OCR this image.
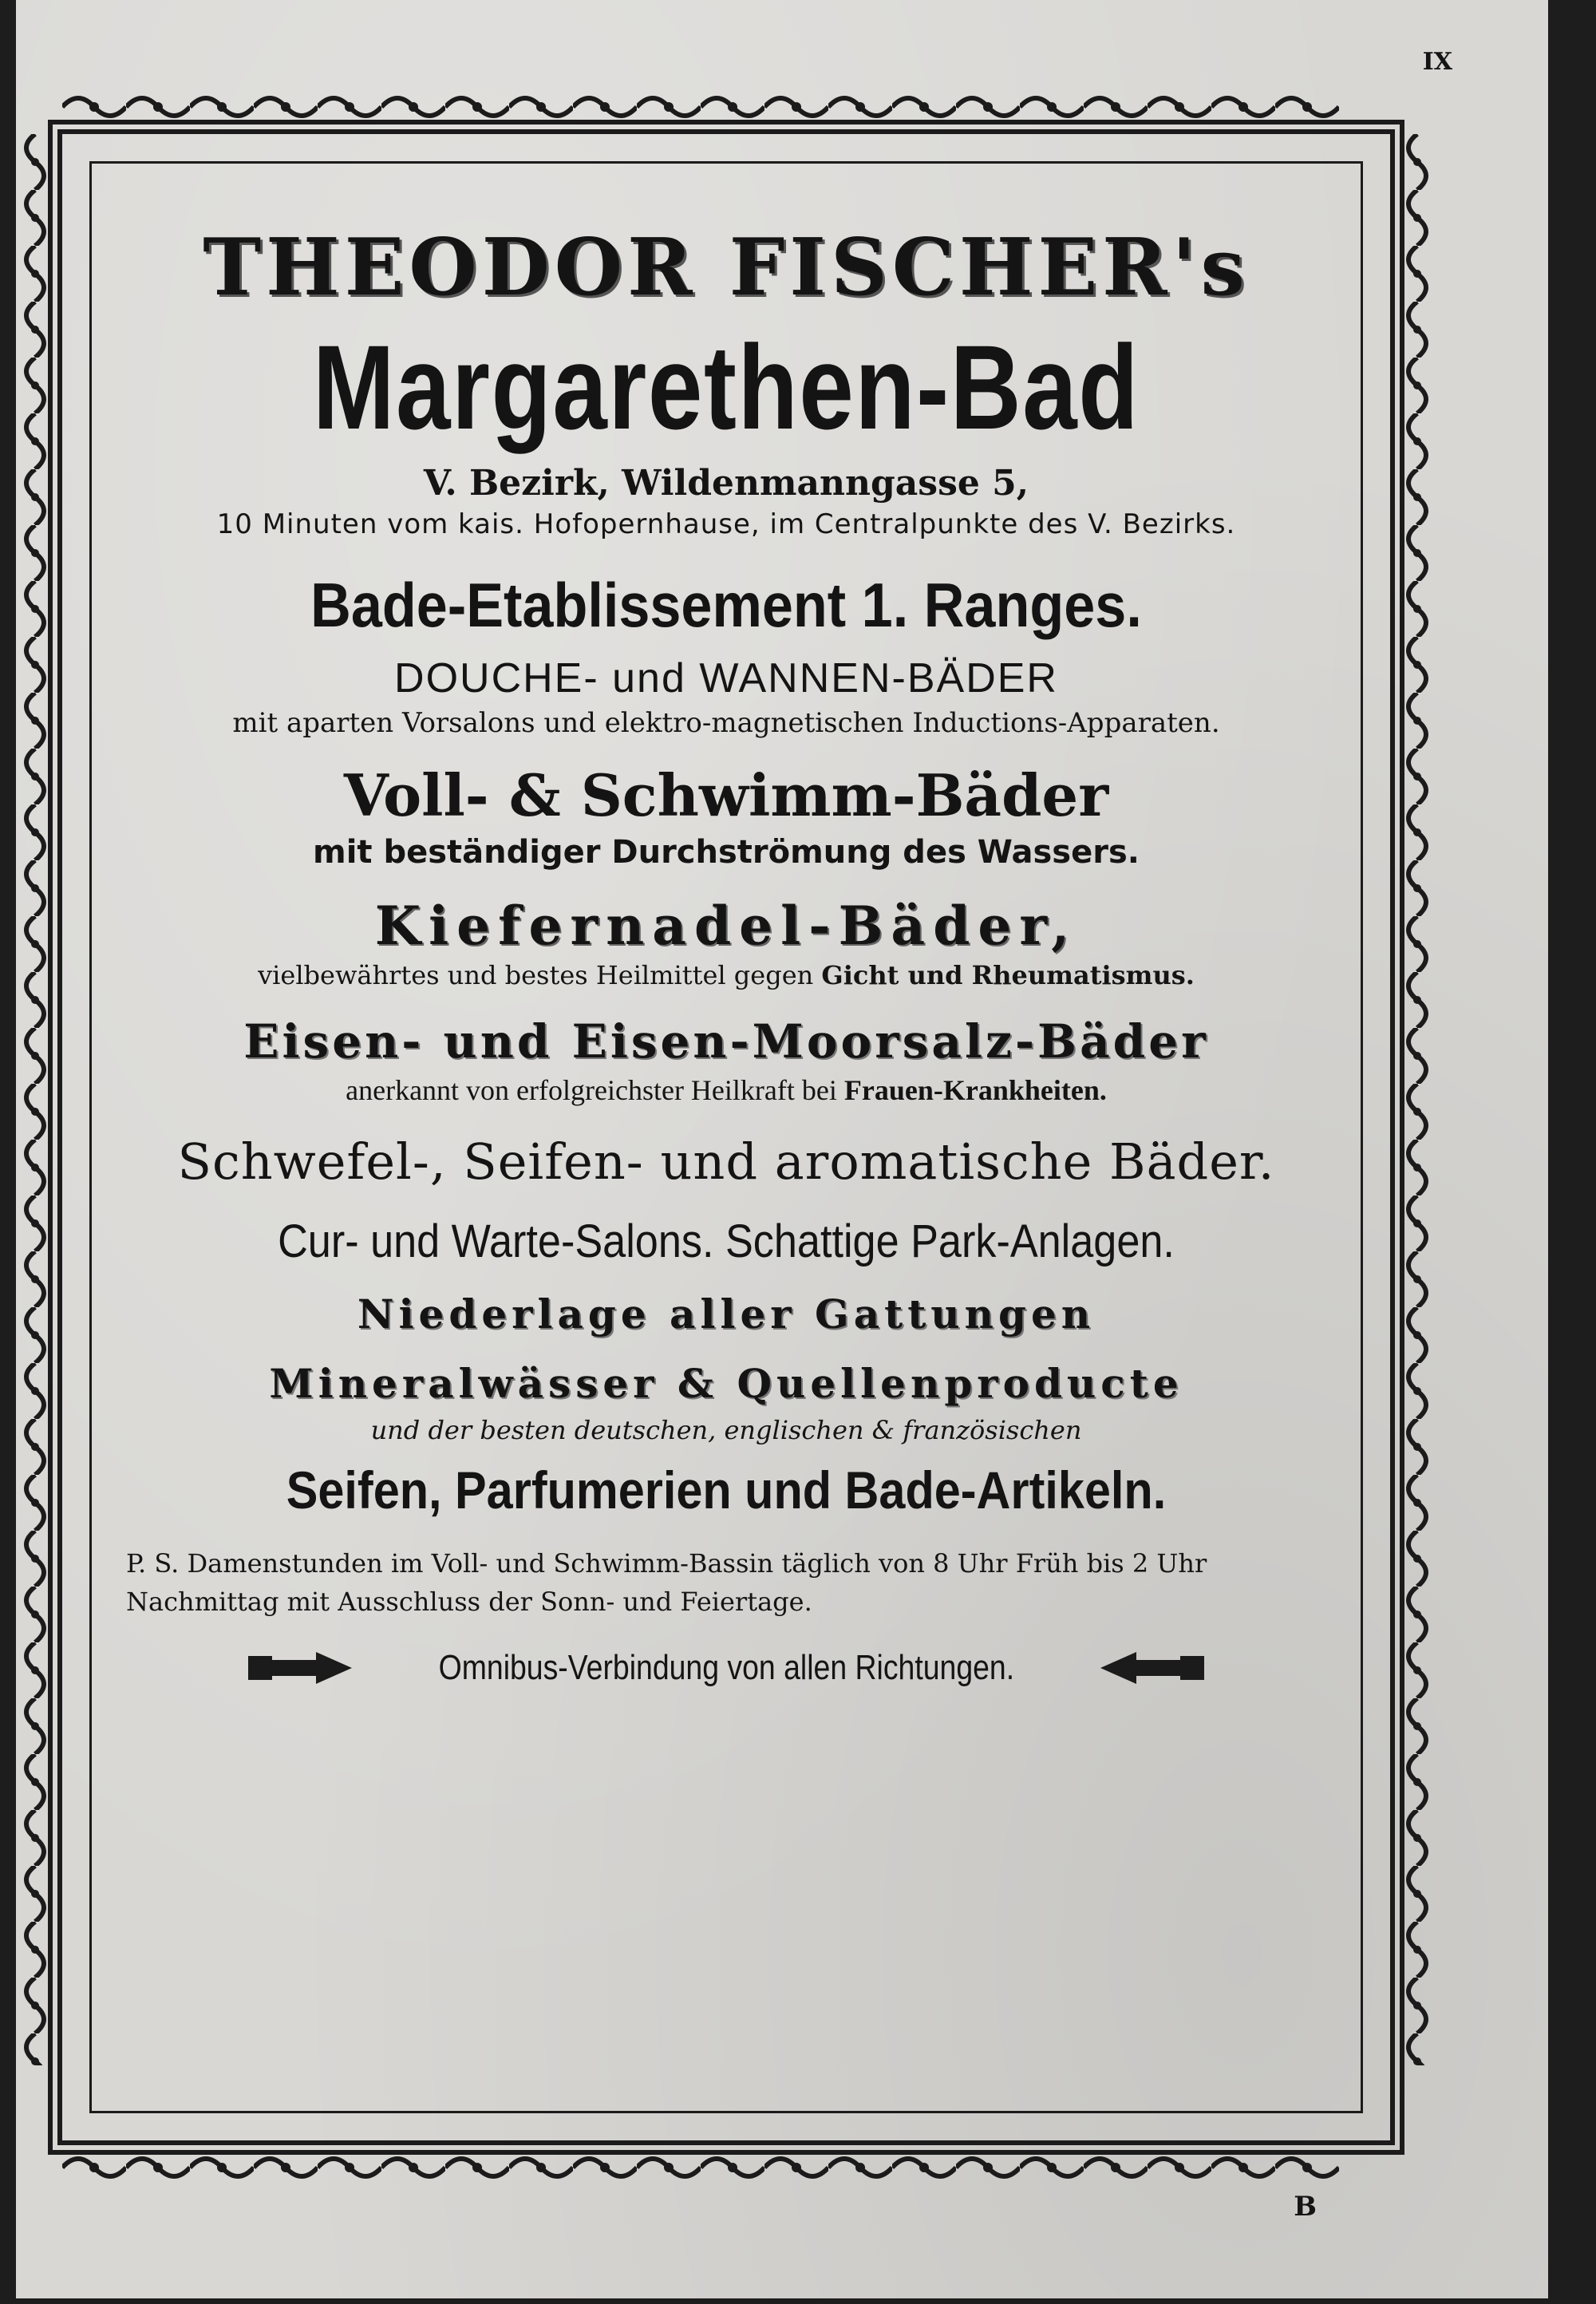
IX
THEODOR FISCHER's
Margarethen-Bad
V. Bezirk, Wildenmanngasse 5,
10 Minuten vom kais. Hofopernhause, im Centralpunkte des V. Bezirks.
Bade-Etablissement 1. Ranges.
DOUCHE- und WANNEN-BÄDER
mit aparten Vorsalons und elektro-magnetischen Inductions-Apparaten.
Voll- & Schwimm-Bäder
mit beständiger Durchströmung des Wassers.
Kiefernadel-Bäder,
vielbewährtes und bestes Heilmittel gegen Gicht und Rheumatismus.
Eisen- und Eisen-Moorsalz-Bäder
anerkannt von erfolgreichster Heilkraft bei Frauen-Krankheiten.
Schwefel-, Seifen- und aromatische Bäder.
Cur- und Warte-Salons. Schattige Park-Anlagen.
Niederlage aller Gattungen
Mineralwässer & Quellenproducte
und der besten deutschen, englischen & französischen
Seifen, Parfumerien und Bade-Artikeln.
P. S. Damenstunden im Voll- und Schwimm-Bassin täglich von 8 Uhr Früh bis 2 Uhr Nachmittag mit Ausschluss der Sonn- und Feiertage.
Omnibus-Verbindung von allen Richtungen.
B
